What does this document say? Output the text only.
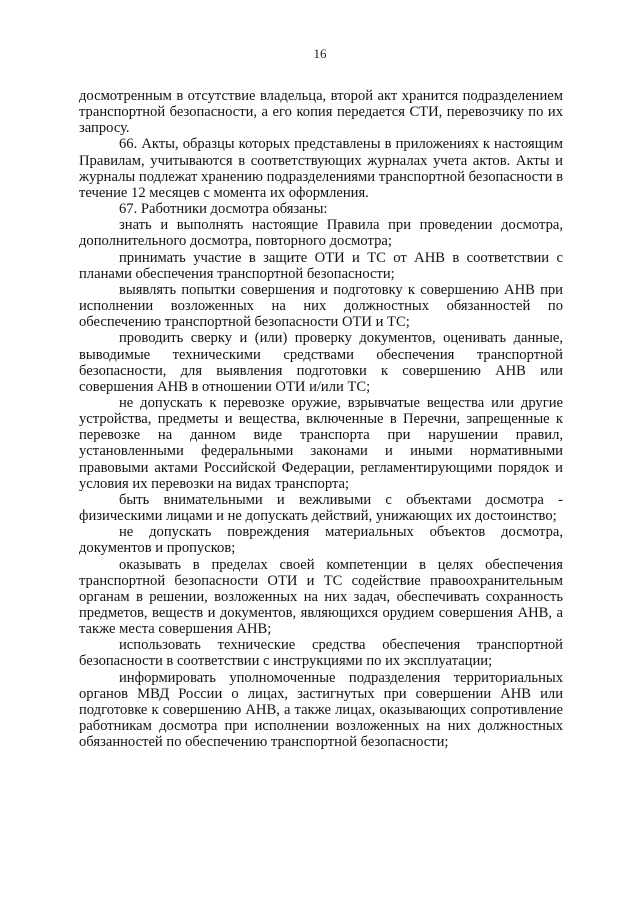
16

досмотренным в отсутствие владельца, второй акт хранится подразделением транспортной безопасности, а его копия передается СТИ, перевозчику по их запросу.

66. Акты, образцы которых представлены в приложениях к настоящим Правилам, учитываются в соответствующих журналах учета актов. Акты и журналы подлежат хранению подразделениями транспортной безопасности в течение 12 месяцев с момента их оформления.

67. Работники досмотра обязаны:

знать и выполнять настоящие Правила при проведении досмотра, дополнительного досмотра, повторного досмотра;

принимать участие в защите ОТИ и ТС от АНВ в соответствии с планами обеспечения транспортной безопасности;

выявлять попытки совершения и подготовку к совершению АНВ при исполнении возложенных на них должностных обязанностей по обеспечению транспортной безопасности ОТИ и ТС;

проводить сверку и (или) проверку документов, оценивать данные, выводимые техническими средствами обеспечения транспортной безопасности, для выявления подготовки к совершению АНВ или совершения АНВ в отношении ОТИ и/или ТС;

не допускать к перевозке оружие, взрывчатые вещества или другие устройства, предметы и вещества, включенные в Перечни, запрещенные к перевозке на данном виде транспорта при нарушении правил, установленными федеральными законами и иными нормативными правовыми актами Российской Федерации, регламентирующими порядок и условия их перевозки на видах транспорта;

быть внимательными и вежливыми с объектами досмотра - физическими лицами и не допускать действий, унижающих их достоинство;

не допускать повреждения материальных объектов досмотра, документов и пропусков;

оказывать в пределах своей компетенции в целях обеспечения транспортной безопасности ОТИ и ТС содействие правоохранительным органам в решении, возложенных на них задач, обеспечивать сохранность предметов, веществ и документов, являющихся орудием совершения АНВ, а также места совершения АНВ;

использовать технические средства обеспечения транспортной безопасности в соответствии с инструкциями по их эксплуатации;

информировать уполномоченные подразделения территориальных органов МВД России о лицах, застигнутых при совершении АНВ или подготовке к совершению АНВ, а также лицах, оказывающих сопротивление работникам досмотра при исполнении возложенных на них должностных обязанностей по обеспечению транспортной безопасности;
